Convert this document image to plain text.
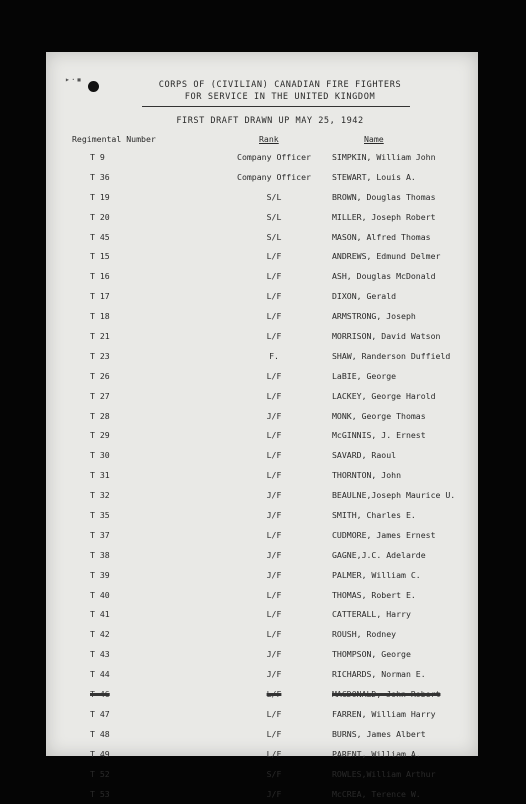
▸·▪
CORPS OF (CIVILIAN) CANADIAN FIRE FIGHTERS
FOR SERVICE IN THE UNITED KINGDOM
FIRST DRAFT DRAWN UP MAY 25, 1942
Regimental Number	Rank	Name
T 9	Company Officer	SIMPKIN, William John
T 36	Company Officer	STEWART, Louis A.
T 19	S/L	BROWN, Douglas Thomas
T 20	S/L	MILLER, Joseph Robert
T 45	S/L	MASON, Alfred Thomas
T 15	L/F	ANDREWS, Edmund Delmer
T 16	L/F	ASH, Douglas McDonald
T 17	L/F	DIXON, Gerald
T 18	L/F	ARMSTRONG, Joseph
T 21	L/F	MORRISON, David Watson
T 23	F.	SHAW, Randerson Duffield
T 26	L/F	LaBIE, George
T 27	L/F	LACKEY, George Harold
T 28	J/F	MONK, George Thomas
T 29	L/F	McGINNIS, J. Ernest
T 30	L/F	SAVARD, Raoul
T 31	L/F	THORNTON, John
T 32	J/F	BEAULNE,Joseph Maurice U.
T 35	J/F	SMITH, Charles E.
T 37	L/F	CUDMORE, James Ernest
T 38	J/F	GAGNE,J.C. Adelarde
T 39	J/F	PALMER, William C.
T 40	L/F	THOMAS, Robert E.
T 41	L/F	CATTERALL, Harry
T 42	L/F	ROUSH, Rodney
T 43	J/F	THOMPSON, George
T 44	J/F	RICHARDS, Norman E.
T 46	L/F	MACDONALD, John Robert
T 47	L/F	FARREN, William Harry
T 48	L/F	BURNS, James Albert
T 49	L/F	PARENT, William A.
T 52	S/F	ROWLES,William Arthur
T 53	J/F	McCREA, Terence W.
